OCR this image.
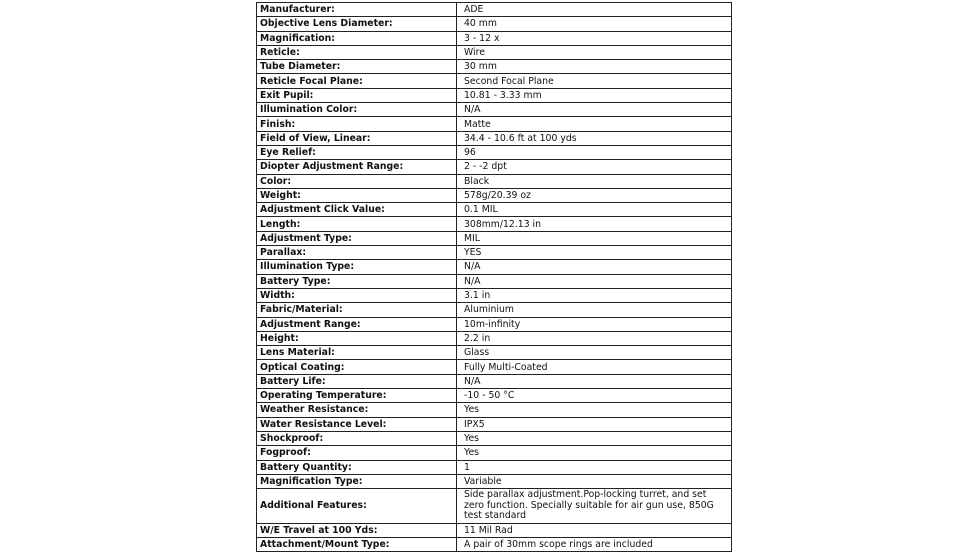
Manufacturer:	ADE
Objective Lens Diameter:	40 mm
Magnification:	3 - 12 x
Reticle:	Wire
Tube Diameter:	30 mm
Reticle Focal Plane:	Second Focal Plane
Exit Pupil:	10.81 - 3.33 mm
Illumination Color:	N/A
Finish:	Matte
Field of View, Linear:	34.4 - 10.6 ft at 100 yds
Eye Relief:	96
Diopter Adjustment Range:	2 - -2 dpt
Color:	Black
Weight:	578g/20.39 oz
Adjustment Click Value:	0.1 MIL
Length:	308mm/12.13 in
Adjustment Type:	MIL
Parallax:	YES
Illumination Type:	N/A
Battery Type:	N/A
Width:	3.1 in
Fabric/Material:	Aluminium
Adjustment Range:	10m-infinity
Height:	2.2 in
Lens Material:	Glass
Optical Coating:	Fully Multi-Coated
Battery Life:	N/A
Operating Temperature:	-10 - 50 °C
Weather Resistance:	Yes
Water Resistance Level:	IPX5
Shockproof:	Yes
Fogproof:	Yes
Battery Quantity:	1
Magnification Type:	Variable
Additional Features:	Side parallax adjustment.Pop-locking turret, and set zero function. Specially suitable for air gun use, 850G test standard
W/E Travel at 100 Yds:	11 Mil Rad
Attachment/Mount Type:	A pair of 30mm scope rings are included
